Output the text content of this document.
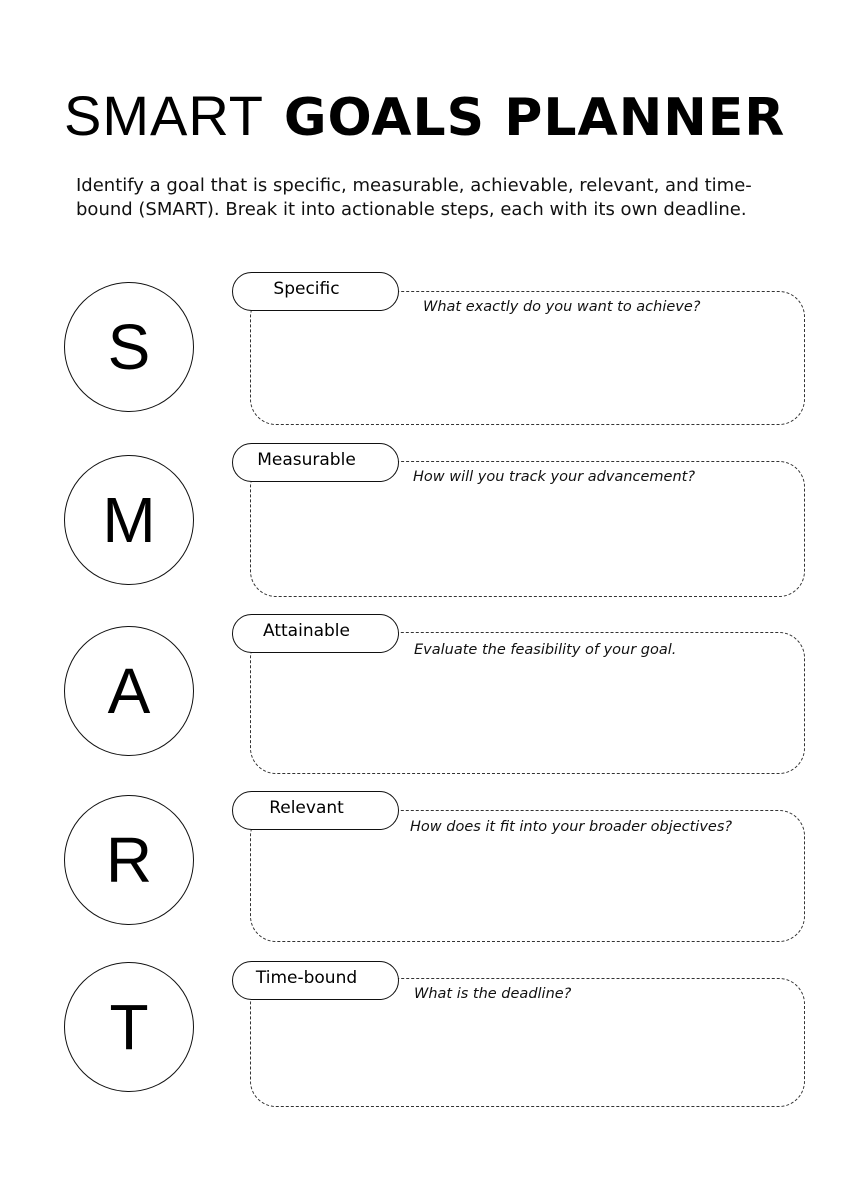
SMART GOALS PLANNER

Identify a goal that is specific, measurable, achievable, relevant, and time-bound (SMART). Break it into actionable steps, each with its own deadline.

S
Specific
What exactly do you want to achieve?
M
Measurable
How will you track your advancement?
A
Attainable
Evaluate the feasibility of your goal.
R
Relevant
How does it fit into your broader objectives?
T
Time-bound
What is the deadline?
